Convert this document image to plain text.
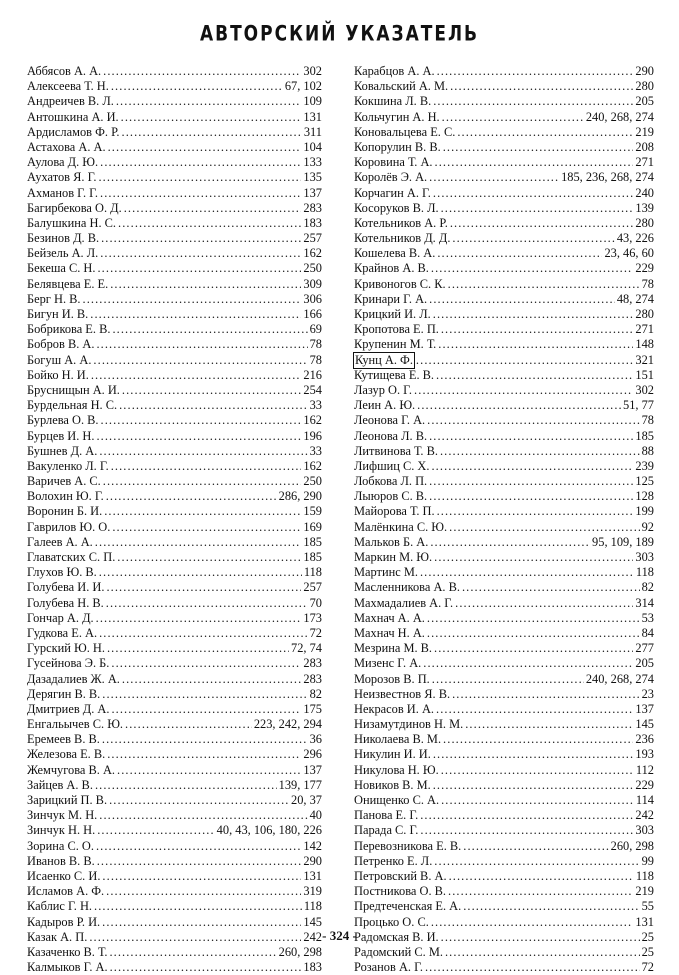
АВТОРСКИЙ УКАЗАТЕЛЬ
Аббясов А. А. . . .	302
Алексеева Т. Н. . . .	67, 102
Андреичев В. Л. . . .	109
Антошкина А. И. . . .	131
Ардисламов Ф. Р. . . .	311
Астахова А. А. . . .	104
Аулова Д. Ю. . . .	133
Аухатов Я. Г. . . .	135
Ахманов Г. Г. . . .	137
Багирбекова О. Д. . . .	283
Балушкина Н. С. . . .	183
Безинов Д. В. . . .	257
Бейзель А. Л. . . .	162
Бекеша С. Н. . . .	250
Белявцева Е. Е. . . .	309
Берг Н. В. . . .	306
Бигун И. В. . . .	166
Бобрикова Е. В. . . .	69
Бобров В. А. . . .	78
Богуш А. А. . . .	78
Бойко Н. И. . . .	216
Бруснищын А. И. . . .	254
Бурдельная Н. С. . . .	33
Бурлева О. В. . . .	162
Бурцев И. Н. . . .	196
Бушнев Д. А. . . .	33
Вакуленко Л. Г. . . .	162
Варичев А. С. . . .	250
Волохин Ю. Г. . . .	286, 290
Воронин Б. И. . . .	159
Гаврилов Ю. О. . . .	169
Галеев А. А. . . .	185
Главатских С. П. . . .	185
Глухов Ю. В. . . .	118
Голубева И. И. . . .	257
Голубева Н. В. . . .	70
Гончар А. Д. . . .	173
Гудкова Е. А. . . .	72
Гурский Ю. Н. . . .	72, 74
Гусейнова Э. Б. . . .	283
Дазадалиев Ж. А. . . .	283
Дерягин В. В. . . .	82
Дмитриев Д. А. . . .	175
Енгальычев С. Ю. . . .	223, 242, 294
Еремеев В. В. . . .	36
Железова Е. В. . . .	296
Жемчугова В. А. . . .	137
Зайцев А. В. . . .	139, 177
Зарицкий П. В. . . .	20, 37
Зинчук М. Н. . . .	40
Зинчук Н. Н. . . .	40, 43, 106, 180, 226
Зорина С. О. . . .	142
Иванов В. В. . . .	290
Исаенко С. И. . . .	131
Исламов А. Ф. . . .	319
Каблис Г. Н. . . .	118
Кадыров Р. И. . . .	145
Казак А. П. . . .	242
Казаченко В. Т. . . .	260, 298
Калмыков Г. А. . . .	183
Карабцов А. А. . . .	290
Ковальский А. М. . . .	280
Кокшина Л. В. . . .	205
Кольчугин А. Н. . . .	240, 268, 274
Коновальцева Е. С. . . .	219
Копорулин В. В. . . .	208
Коровина Т. А. . . .	271
Королёв Э. А. . . .	185, 236, 268, 274
Корчагин А. Г. . . .	240
Косоруков В. Л. . . .	139
Котельников А. Р. . . .	280
Котельников Д. Д. . . .	43, 226
Кошелева В. А. . . .	23, 46, 60
Крайнов А. В. . . .	229
Кривоногов С. К. . . .	78
Кринари Г. А. . . .	48, 274
Крицкий И. Л. . . .	280
Кропотова Е. П. . . .	271
Крупенин М. Т. . . .	148
Кунц А. Ф. . . .	321
Кутищева Е. В. . . .	151
Лазур О. Г. . . .	302
Леин А. Ю. . . .	51, 77
Леонова Г. А. . . .	78
Леонова Л. В. . . .	185
Литвинова Т. В. . . .	88
Лифшиц С. Х. . . .	239
Лобкова Л. П. . . .	125
Лыюров С. В. . . .	128
Майорова Т. П. . . .	199
Малёнкина С. Ю. . . .	92
Мальков Б. А. . . .	95, 109, 189
Маркин М. Ю. . . .	303
Мартинс М. . . .	118
Масленникова А. В. . . .	82
Махмадалиев А. Г. . . .	314
Махнач А. А. . . .	53
Махнач Н. А. . . .	84
Мезрина М. В. . . .	277
Мизенс Г. А. . . .	205
Морозов В. П. . . .	240, 268, 274
Неизвестнов Я. В. . . .	23
Некрасов И. А. . . .	137
Низамутдинов Н. М. . . .	145
Николаева В. М. . . .	236
Никулин И. И. . . .	193
Никулова Н. Ю. . . .	112
Новиков В. М. . . .	229
Онищенко С. А. . . .	114
Панова Е. Г. . . .	242
Парада С. Г. . . .	303
Перевозникова Е. В. . . .	260, 298
Петренко Е. Л. . . .	99
Петровский В. А. . . .	118
Постникова О. В. . . .	219
Предтеченская Е. А. . . .	55
Процько О. С. . . .	131
Радомская В. И. . . .	25
Радомский С. М. . . .	25
Розанов А. Г. . . .	72
- 324 -
